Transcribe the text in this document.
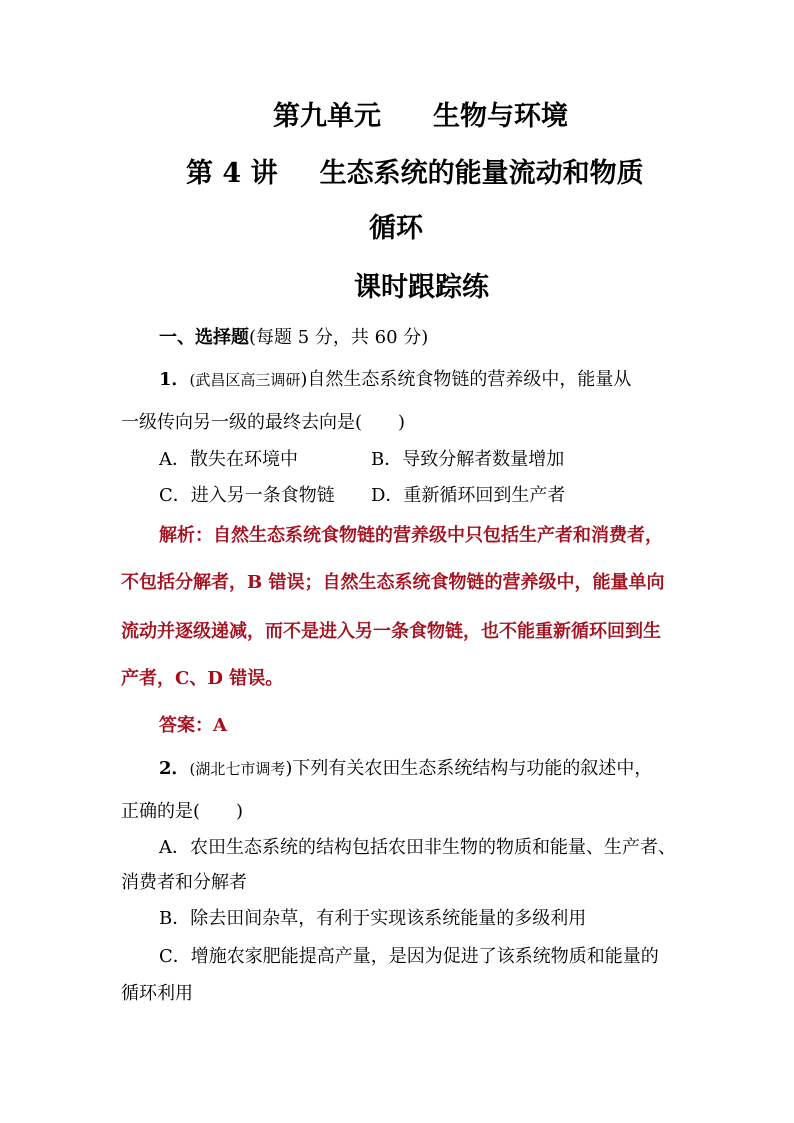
第九单元 生物与环境
第 4 讲 生态系统的能量流动和物质
循环
课时跟踪练
一、选择题(每题 5 分，共 60 分)
1．(武昌区高三调研)自然生态系统食物链的营养级中，能量从
一级传向另一级的最终去向是(　　)
A．散失在环境中	B．导致分解者数量增加
C．进入另一条食物链 D．重新循环回到生产者
解析：自然生态系统食物链的营养级中只包括生产者和消费者，
不包括分解者，B 错误；自然生态系统食物链的营养级中，能量单向
流动并逐级递减，而不是进入另一条食物链，也不能重新循环回到生
产者，C、D 错误。
答案：A
2．(湖北七市调考)下列有关农田生态系统结构与功能的叙述中，
正确的是(　　)
A．农田生态系统的结构包括农田非生物的物质和能量、生产者、
消费者和分解者
B．除去田间杂草，有利于实现该系统能量的多级利用
C．增施农家肥能提高产量，是因为促进了该系统物质和能量的
循环利用
